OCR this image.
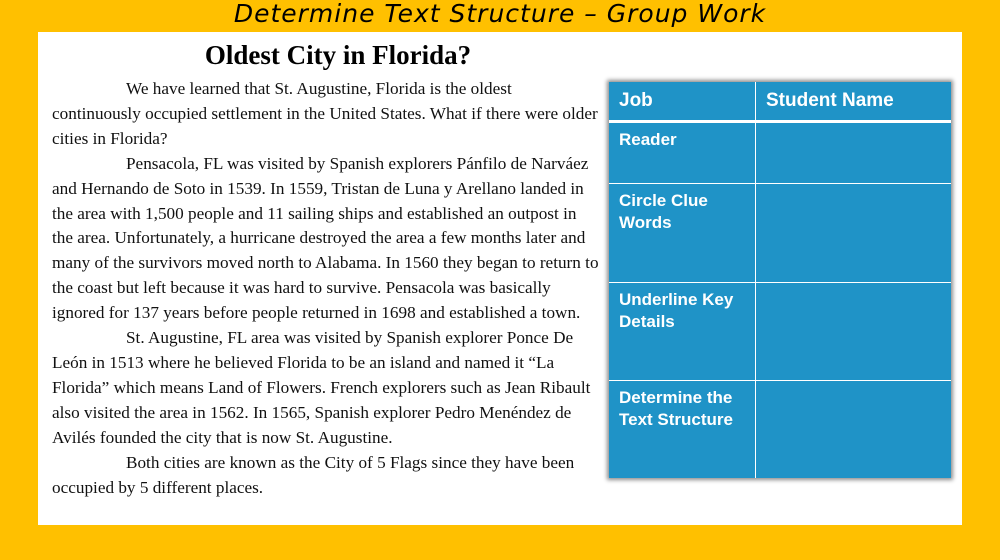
Determine Text Structure – Group Work
Oldest City in Florida?

We have learned that St. Augustine, Florida is the oldest continuously occupied settlement in the United States. What if there were older cities in Florida?

Pensacola, FL was visited by Spanish explorers Pánfilo de Narváez and Hernando de Soto in 1539. In 1559, Tristan de Luna y Arellano landed in the area with 1,500 people and 11 sailing ships and established an outpost in the area. Unfortunately, a hurricane destroyed the area a few months later and many of the survivors moved north to Alabama. In 1560 they began to return to the coast but left because it was hard to survive. Pensacola was basically ignored for 137 years before people returned in 1698 and established a town.

St. Augustine, FL area was visited by Spanish explorer Ponce De León in 1513 where he believed Florida to be an island and named it “La Florida” which means Land of Flowers. French explorers such as Jean Ribault also visited the area in 1562. In 1565, Spanish explorer Pedro Menéndez de Avilés founded the city that is now St. Augustine.

Both cities are known as the City of 5 Flags since they have been occupied by 5 different places.

Job	Student Name
Reader	
Circle Clue Words	
Underline Key Details	
Determine the Text Structure	
